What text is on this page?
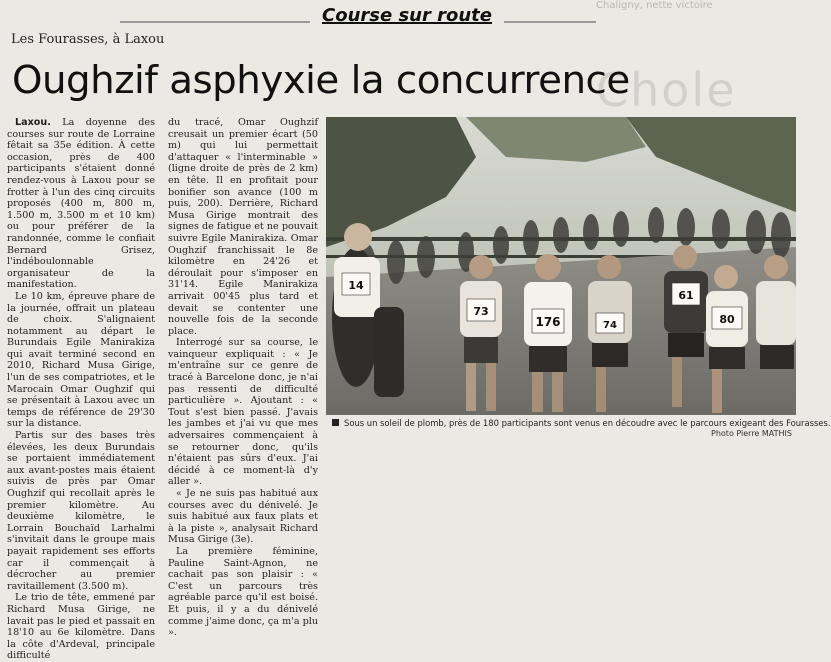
Chaligny, nette victoire
Chole
Course sur route
Les Fourasses, à Laxou
Oughzif asphyxie la concurrence

Laxou. La doyenne des courses sur route de Lorraine fêtait sa 35e édition. À cette occasion, près de 400 participants s'étaient donné rendez-vous à Laxou pour se frotter à l'un des cinq circuits proposés (400 m, 800 m, 1.500 m, 3.500 m et 10 km) ou pour préférer de la randonnée, comme le confiait Bernard Grisez, l'indéboulonnable organisateur de la manifestation.

Le 10 km, épreuve phare de la journée, offrait un plateau de choix. S'alignaient notamment au départ le Burundais Egile Manirakiza qui avait terminé second en 2010, Richard Musa Girige, l'un de ses compatriotes, et le Marocain Omar Oughzif qui se présentait à Laxou avec un temps de référence de 29'30 sur la distance.

Partis sur des bases très élevées, les deux Burundais se portaient immédiatement aux avant-postes mais étaient suivis de près par Omar Oughzif qui recollait après le premier kilomètre. Au deuxième kilomètre, le Lorrain Bouchaïd Larhalmi s'invitait dans le groupe mais payait rapidement ses efforts car il commençait à décrocher au premier ravitaillement (3.500 m).

Le trio de tête, emmené par Richard Musa Girige, ne lavait pas le pied et passait en 18'10 au 6e kilomètre. Dans la côte d'Ardeval, principale difficulté

du tracé, Omar Oughzif creusait un premier écart (50 m) qui lui permettait d'attaquer « l'interminable » (ligne droite de près de 2 km) en tête. Il en profitait pour bonifier son avance (100 m puis, 200). Derrière, Richard Musa Girige montrait des signes de fatigue et ne pouvait suivre Egile Manirakiza. Omar Oughzif franchissait le 8e kilomètre en 24'26 et déroulait pour s'imposer en 31'14. Egile Manirakiza arrivait 00'45 plus tard et devait se contenter une nouvelle fois de la seconde place.

Interrogé sur sa course, le vainqueur expliquait : « Je m'entraîne sur ce genre de tracé à Barcelone donc, je n'ai pas ressenti de difficulté particulière ». Ajoutant : « Tout s'est bien passé. J'avais les jambes et j'ai vu que mes adversaires commençaient à se retourner donc, qu'ils n'étaient pas sûrs d'eux. J'ai décidé à ce moment-là d'y aller ».

« Je ne suis pas habitué aux courses avec du dénivelé. Je suis habitué aux faux plats et à la piste », analysait Richard Musa Girige (3e).

La première féminine, Pauline Saint-Agnon, ne cachait pas son plaisir : « C'est un parcours très agréable parce qu'il est boisé. Et puis, il y a du dénivelé comme j'aime donc, ça m'a plu ».

73
176	74
61
80
14
Sous un soleil de plomb, près de 180 participants sont venus en découdre avec le parcours exigeant des Fourasses.
Photo Pierre MATHIS
